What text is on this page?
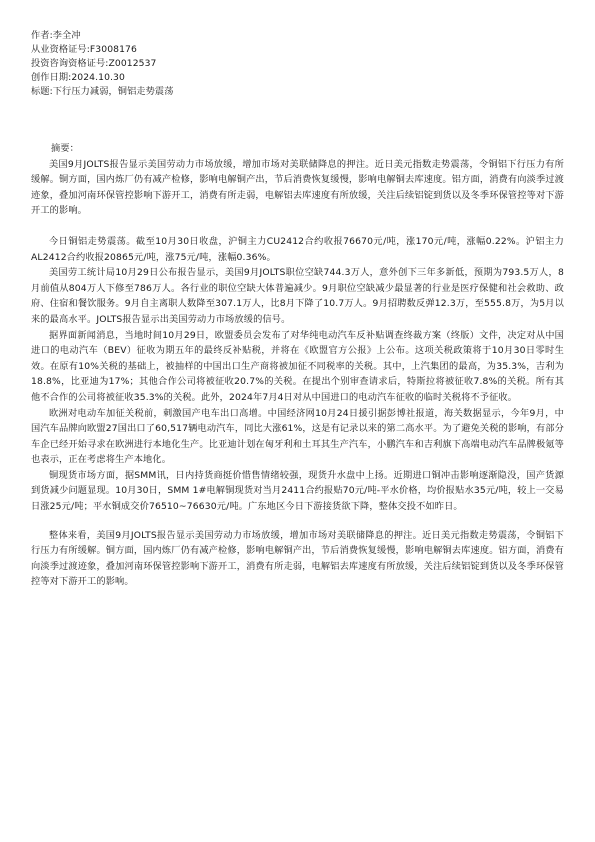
作者:李全冲
从业资格证号:F3008176
投资咨询资格证号:Z0012537
创作日期:2024.10.30
标题:下行压力减弱，铜铝走势震荡

摘要：

美国9月JOLTS报告显示美国劳动力市场放缓，增加市场对美联储降息的押注。近日美元指数走势震荡，令铜铝下行压力有所缓解。铜方面，国内炼厂仍有减产检修，影响电解铜产出，节后消费恢复缓慢，影响电解铜去库速度。铝方面，消费有向淡季过渡迹象，叠加河南环保管控影响下游开工，消费有所走弱，电解铝去库速度有所放缓，关注后续铝锭到货以及冬季环保管控等对下游开工的影响。

今日铜铝走势震荡。截至10月30日收盘，沪铜主力CU2412合约收报76670元/吨，涨170元/吨，涨幅0.22%。沪铝主力AL2412合约收报20865元/吨，涨75元/吨，涨幅0.36%。

美国劳工统计局10月29日公布报告显示，美国9月JOLTS职位空缺744.3万人，意外创下三年多新低，预期为793.5万人，8月前值从804万人下修至786万人。各行业的职位空缺大体普遍减少。9月职位空缺减少最显著的行业是医疗保健和社会救助、政府、住宿和餐饮服务。9月自主离职人数降至307.1万人，比8月下降了10.7万人。9月招聘数反弹12.3万，至555.8万，为5月以来的最高水平。JOLTS报告显示出美国劳动力市场放缓的信号。

据界面新闻消息，当地时间10月29日，欧盟委员会发布了对华纯电动汽车反补贴调查终裁方案（终版）文件，决定对从中国进口的电动汽车（BEV）征收为期五年的最终反补贴税，并将在《欧盟官方公报》上公布。这项关税政策将于10月30日零时生效。在原有10%关税的基础上，被抽样的中国出口生产商将被加征不同税率的关税。其中，上汽集团的最高，为35.3%，吉利为18.8%，比亚迪为17%；其他合作公司将被征收20.7%的关税。在提出个别审查请求后，特斯拉将被征收7.8%的关税。所有其他不合作的公司将被征收35.3%的关税。此外，2024年7月4日对从中国进口的电动汽车征收的临时关税将不予征收。

欧洲对电动车加征关税前，刺激国产电车出口高增。中国经济网10月24日援引据彭博社报道，海关数据显示，今年9月，中国汽车品牌向欧盟27国出口了60,517辆电动汽车，同比大涨61%，这是有记录以来的第二高水平。为了避免关税的影响，有部分车企已经开始寻求在欧洲进行本地化生产。比亚迪计划在匈牙利和土耳其生产汽车，小鹏汽车和吉利旗下高端电动汽车品牌极氪等也表示，正在考虑将生产本地化。

铜现货市场方面，据SMM讯，日内持货商挺价惜售情绪较强，现货升水盘中上扬。近期进口铜冲击影响逐渐隐没，国产货源到货减少问题显现。10月30日，SMM 1#电解铜现货对当月2411合约报贴70元/吨-平水价格，均价报贴水35元/吨，较上一交易日涨25元/吨；平水铜成交价76510~76630元/吨。广东地区今日下游接货欲下降，整体交投不如昨日。

整体来看，美国9月JOLTS报告显示美国劳动力市场放缓，增加市场对美联储降息的押注。近日美元指数走势震荡，令铜铝下行压力有所缓解。铜方面，国内炼厂仍有减产检修，影响电解铜产出，节后消费恢复缓慢，影响电解铜去库速度。铝方面，消费有向淡季过渡迹象，叠加河南环保管控影响下游开工，消费有所走弱，电解铝去库速度有所放缓，关注后续铝锭到货以及冬季环保管控等对下游开工的影响。
